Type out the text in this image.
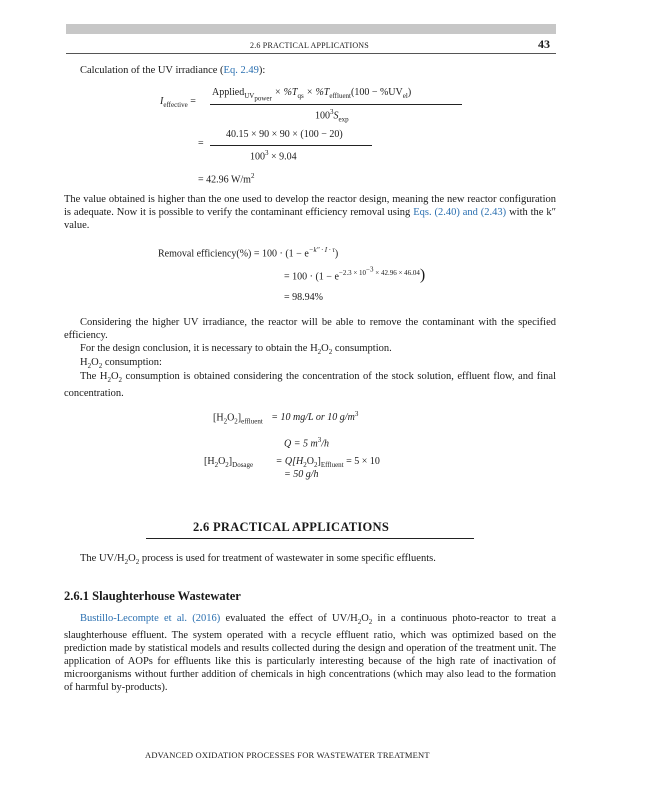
2.6 PRACTICAL APPLICATIONS	43
Calculation of the UV irradiance (Eq. 2.49):
$I_{effective}$ =
Applied$_{UV_{power}}$ × $\%T_{qs} \times \%T_{effluent}(100 - \%UV_{el})$
$100^3S_{exp}$
=
40.15 × 90 × 90 × (100 − 20)
$100^3 \times 9.04$
= 42.96 $W/m^2$
The value obtained is higher than the one used to develop the reactor design, meaning the new reactor configuration is adequate. Now it is possible to verify the contaminant efficiency removal using Eqs. (2.40) and (2.43) with the k″ value.
Removal efficiency(%) = $100 \cdot (1 - e^{-k'' \cdot I \cdot \tau})$
= $100 \cdot (1 - e^{-2.3 \times 10^{-3} \times 42.96 \times 46.04})$
= 98.94%
Considering the higher UV irradiance, the reactor will be able to remove the contaminant with the specified efficiency.
For the design conclusion, it is necessary to obtain the $H_2O_2$ consumption.
$H_2O_2$ consumption:
The $H_2O_2$ consumption is obtained considering the concentration of the stock solution, effluent flow, and final concentration.
$[H_2O_2]_{effluent} = 10$ mg/L or 10 $g/m^3$
Q = 5 $m^3/h$
$[H_2O_2]_{Dosage} = Q[H_2O_2]_{Effluent} = 5 \times 10$
= 50 g/h
2.6 PRACTICAL APPLICATIONS
The $UV/H_2O_2$ process is used for treatment of wastewater in some specific effluents.
2.6.1 Slaughterhouse Wastewater
Bustillo-Lecompte et al. (2016) evaluated the effect of $UV/H_2O_2$ in a continuous photo-reactor to treat a slaughterhouse effluent. The system operated with a recycle effluent ratio, which was optimized based on the prediction made by statistical models and results collected during the design and operation of the treatment unit. The application of AOPs for effluents like this is particularly interesting because of the high rate of inactivation of microorganisms without further addition of chemicals in high concentrations (which may also lead to the formation of harmful by-products).
ADVANCED OXIDATION PROCESSES FOR WASTEWATER TREATMENT
